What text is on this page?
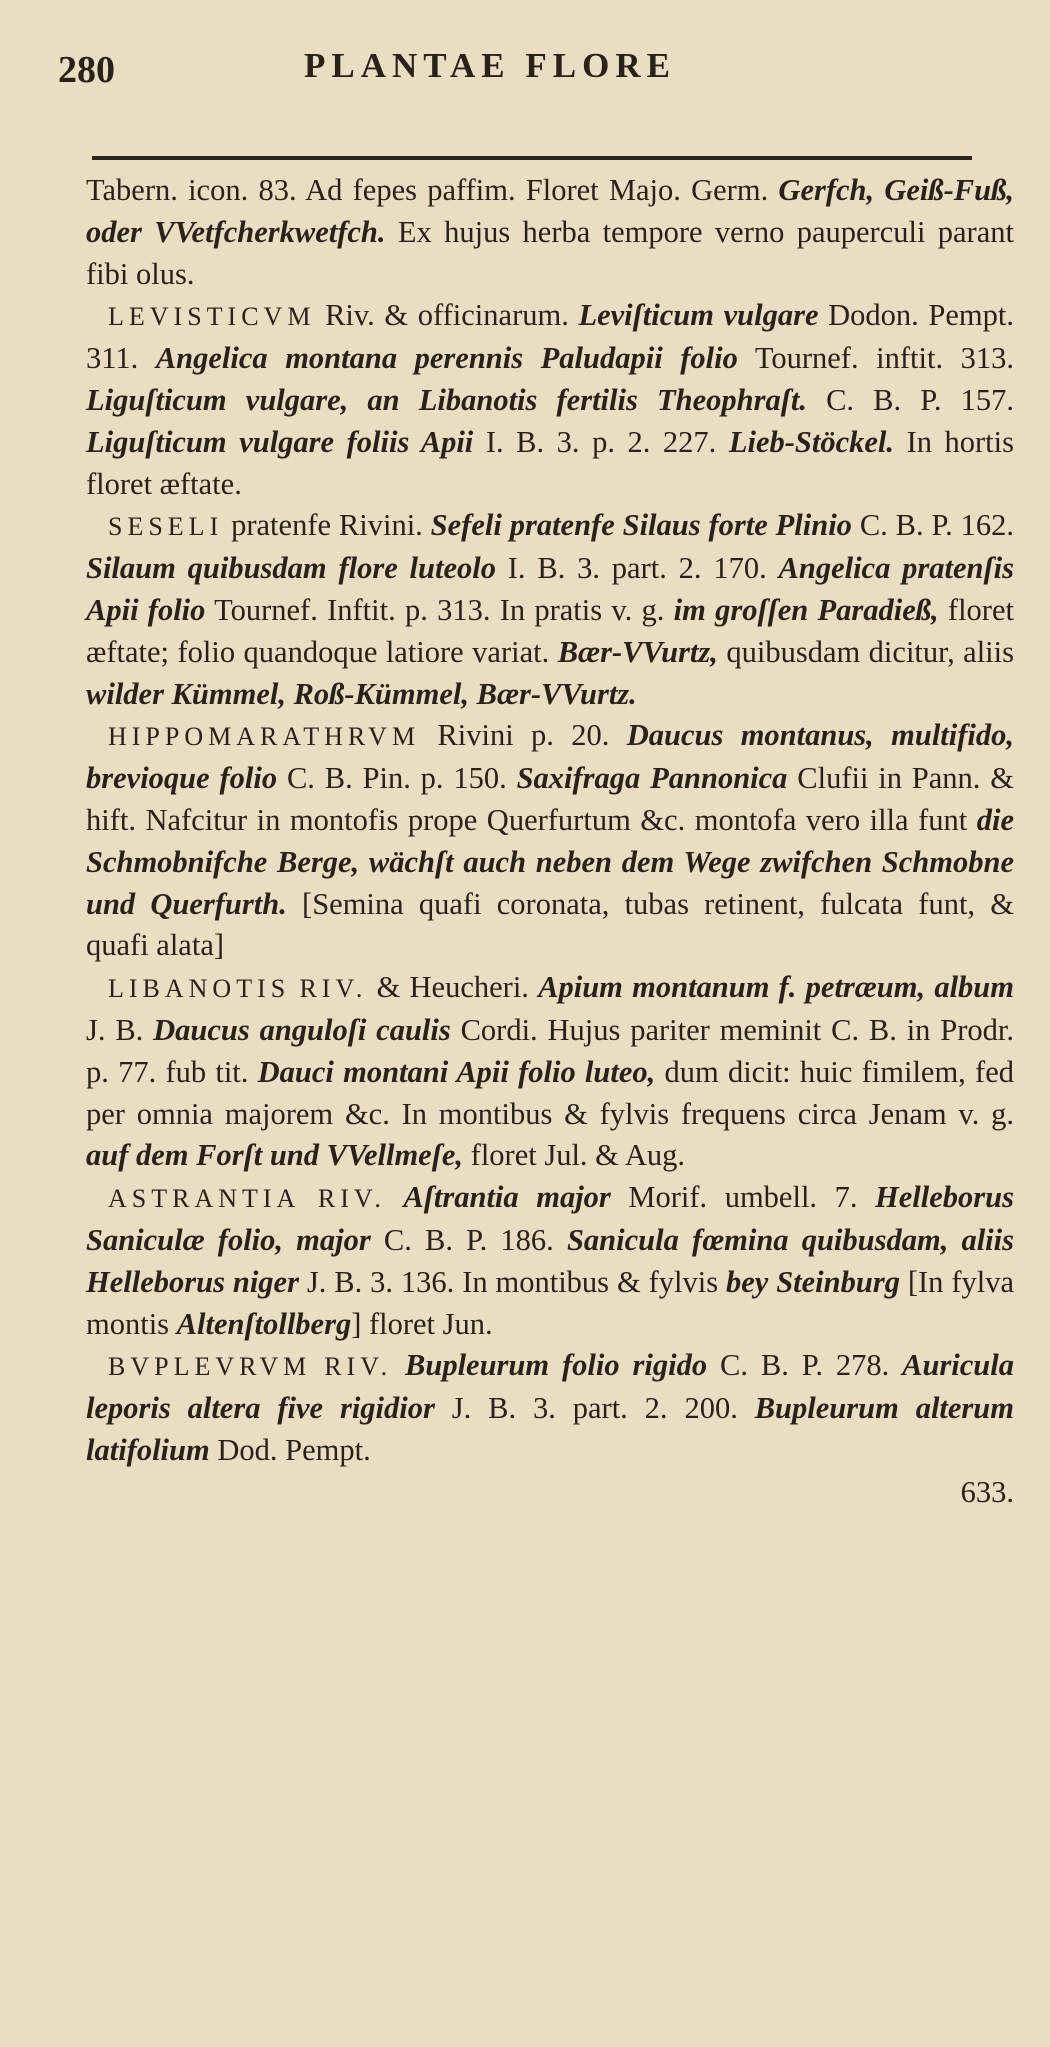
280	PLANTAE FLORE

Tabern. icon. 83. Ad fepes paffim. Floret Majo. Germ. Gerfch, Geiß-Fuß, oder VVetfcherkwetfch. Ex hujus herba tempore verno pauperculi parant fibi olus.

LEVISTICVM Riv. & officinarum. Leviſticum vulgare Dodon. Pempt. 311. Angelica montana perennis Paludapii folio Tournef. inftit. 313. Liguſticum vulgare, an Libanotis fertilis Theophraſt. C. B. P. 157. Liguſticum vulgare foliis Apii I. B. 3. p. 2. 227. Lieb-Stöckel. In hortis floret æftate.

SESELI pratenfe Rivini. Sefeli pratenfe Silaus forte Plinio C. B. P. 162. Silaum quibusdam flore luteolo I. B. 3. part. 2. 170. Angelica pratenſis Apii folio Tournef. Inftit. p. 313. In pratis v. g. im groſſen Paradieß, floret æftate; folio quandoque latiore variat. Bær-VVurtz, quibusdam dicitur, aliis wilder Kümmel, Roß-Kümmel, Bær-VVurtz.

HIPPOMARATHRVM Rivini p. 20. Daucus montanus, multifido, brevioque folio C. B. Pin. p. 150. Saxifraga Pannonica Clufii in Pann. & hift. Nafcitur in montofis prope Querfurtum &c. montofa vero illa funt die Schmobnifche Berge, wächſt auch neben dem Wege zwifchen Schmobne und Querfurth. [Semina quafi coronata, tubas retinent, fulcata funt, & quafi alata]

LIBANOTIS RIV. & Heucheri. Apium montanum f. petræum, album J. B. Daucus anguloſi caulis Cordi. Hujus pariter meminit C. B. in Prodr. p. 77. fub tit. Dauci montani Apii folio luteo, dum dicit: huic fimilem, fed per omnia majorem &c. In montibus & fylvis frequens circa Jenam v. g. auf dem Forſt und VVellmeſe, floret Jul. & Aug.

ASTRANTIA RIV. Aſtrantia major Morif. umbell. 7. Helleborus Saniculæ folio, major C. B. P. 186. Sanicula fœmina quibusdam, aliis Helleborus niger J. B. 3. 136. In montibus & fylvis bey Steinburg [In fylva montis Altenſtollberg] floret Jun.

BVPLEVRVM RIV. Bupleurum folio rigido C. B. P. 278. Auricula leporis altera five rigidior J. B. 3. part. 2. 200. Bupleurum alterum latifolium Dod. Pempt.

633.
